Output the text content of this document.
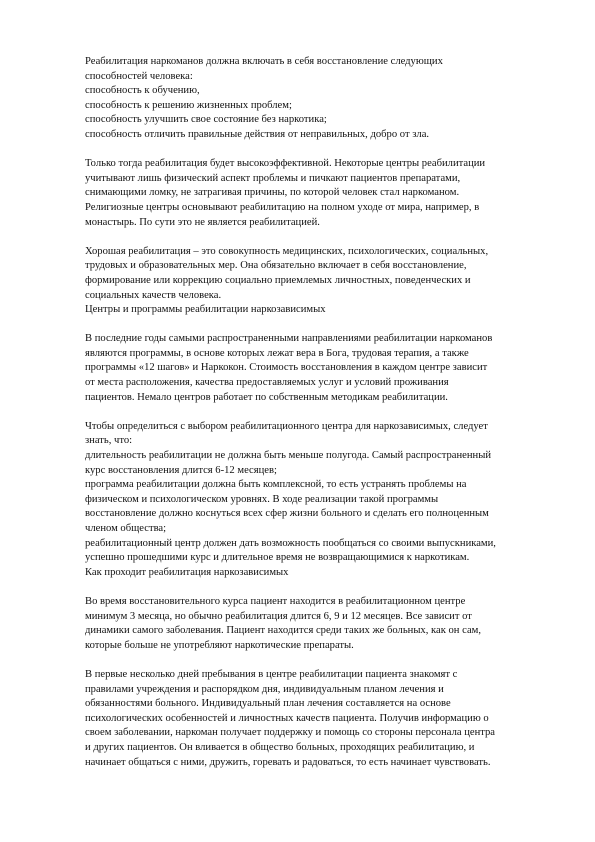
Реабилитация наркоманов должна включать в себя восстановление следующих
способностей человека:
способность к обучению,
способность к решению жизненных проблем;
способность улучшить свое состояние без наркотика;
способность отличить правильные действия от неправильных, добро от зла.
Только тогда реабилитация будет высокоэффективной. Некоторые центры реабилитации
учитывают лишь физический аспект проблемы и пичкают пациентов препаратами,
снимающими ломку, не затрагивая причины, по которой человек стал наркоманом.
Религиозные центры основывают реабилитацию на полном уходе от мира, например, в
монастырь. По сути это не является реабилитацией.
Хорошая реабилитация – это совокупность медицинских, психологических, социальных,
трудовых и образовательных мер. Она обязательно включает в себя восстановление,
формирование или коррекцию социально приемлемых личностных, поведенческих и
социальных качеств человека.
Центры и программы реабилитации наркозависимых
В последние годы самыми распространенными направлениями реабилитации наркоманов
являются программы, в основе которых лежат вера в Бога, трудовая терапия, а также
программы «12 шагов» и Наркокон. Стоимость восстановления в каждом центре зависит
от места расположения, качества предоставляемых услуг и условий проживания
пациентов. Немало центров работает по собственным методикам реабилитации.
Чтобы определиться с выбором реабилитационного центра для наркозависимых, следует
знать, что:
длительность реабилитации не должна быть меньше полугода. Самый распространенный
курс восстановления длится 6-12 месяцев;
программа реабилитации должна быть комплексной, то есть устранять проблемы на
физическом и психологическом уровнях. В ходе реализации такой программы
восстановление должно коснуться всех сфер жизни больного и сделать его полноценным
членом общества;
реабилитационный центр должен дать возможность пообщаться со своими выпускниками,
успешно прошедшими курс и длительное время не возвращающимися к наркотикам.
Как проходит реабилитация наркозависимых
Во время восстановительного курса пациент находится в реабилитационном центре
минимум 3 месяца, но обычно реабилитация длится 6, 9 и 12 месяцев. Все зависит от
динамики самого заболевания. Пациент находится среди таких же больных, как он сам,
которые больше не употребляют наркотические препараты.
В первые несколько дней пребывания в центре реабилитации пациента знакомят с
правилами учреждения и распорядком дня, индивидуальным планом лечения и
обязанностями больного. Индивидуальный план лечения составляется на основе
психологических особенностей и личностных качеств пациента. Получив информацию о
своем заболевании, наркоман получает поддержку и помощь со стороны персонала центра
и других пациентов. Он вливается в общество больных, проходящих реабилитацию, и
начинает общаться с ними, дружить, горевать и радоваться, то есть начинает чувствовать.
